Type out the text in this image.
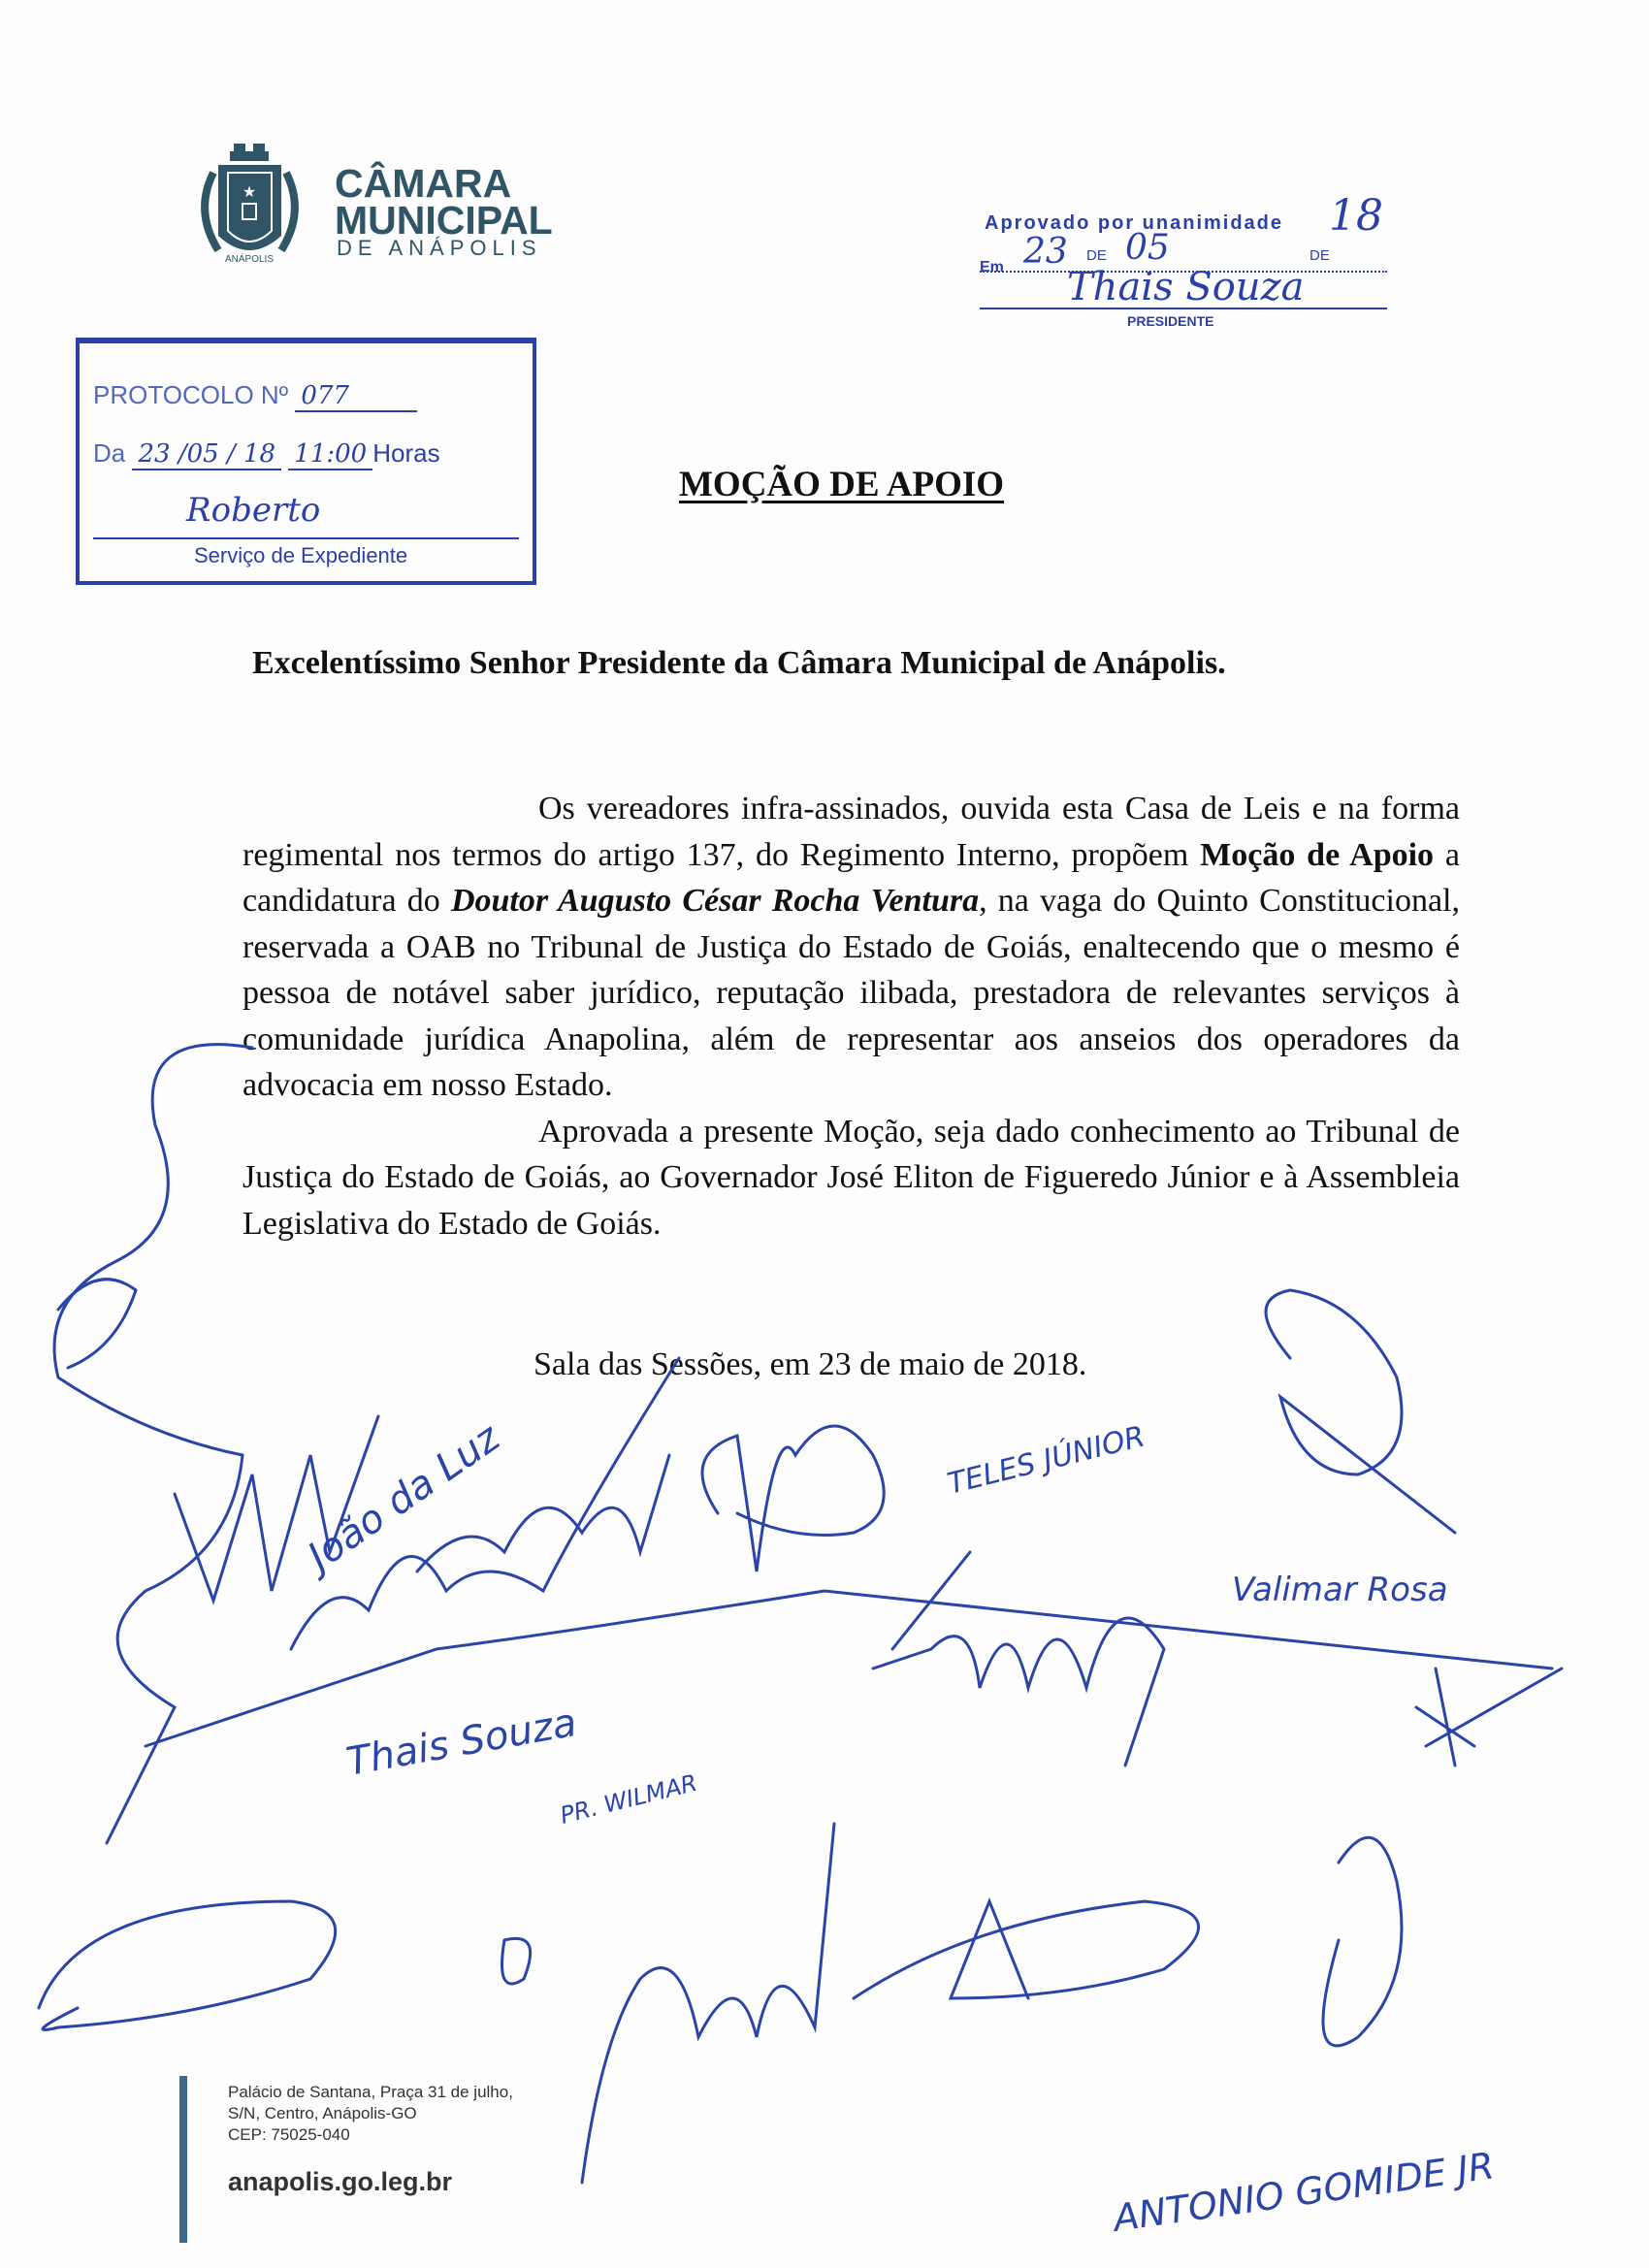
★
ANÁPOLIS
CÂMARA
MUNICIPAL
DE ANÁPOLIS
Aprovado por unanimidade 18
Em 23 DE 05	DE
Thais Souza
PRESIDENTE
PROTOCOLO Nº 077
Da 23 /05 / 18 11:00 Horas
Roberto
Serviço de Expediente
MOÇÃO DE APOIO
Excelentíssimo Senhor Presidente da Câmara Municipal de Anápolis.

Os vereadores infra-assinados, ouvida esta Casa de Leis e na forma regimental nos termos do artigo 137, do Regimento Interno, propõem Moção de Apoio a candidatura do Doutor Augusto César Rocha Ventura, na vaga do Quinto Constitucional, reservada a OAB no Tribunal de Justiça do Estado de Goiás, enaltecendo que o mesmo é pessoa de notável saber jurídico, reputação ilibada, prestadora de relevantes serviços à comunidade jurídica Anapolina, além de representar aos anseios dos operadores da advocacia em nosso Estado.

Aprovada a presente Moção, seja dado conhecimento ao Tribunal de Justiça do Estado de Goiás, ao Governador José Eliton de Figueredo Júnior e à Assembleia Legislativa do Estado de Goiás.

Sala das Sessões, em 23 de maio de 2018.
TELES JÚNIOR
Valimar Rosa
Thais Souza
PR. WILMAR
ANTONIO GOMIDE JR
João da Luz
Palácio de Santana, Praça 31 de julho,
S/N, Centro, Anápolis-GO
CEP: 75025-040
anapolis.go.leg.br
